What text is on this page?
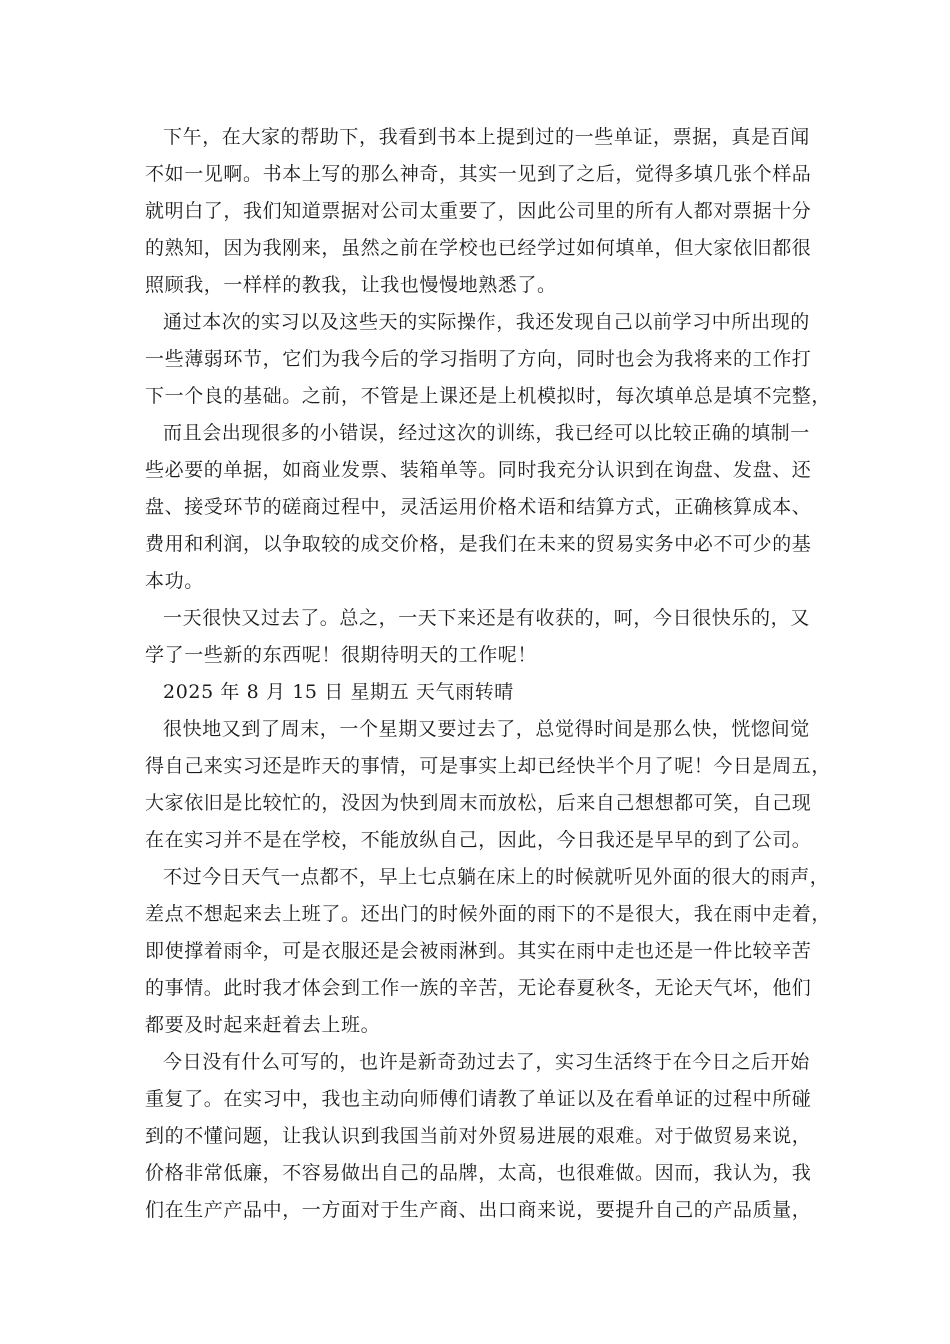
下午，在大家的帮助下，我看到书本上提到过的一些单证，票据，真是百闻
不如一见啊。书本上写的那么神奇，其实一见到了之后，觉得多填几张个样品
就明白了，我们知道票据对公司太重要了，因此公司里的所有人都对票据十分
的熟知，因为我刚来，虽然之前在学校也已经学过如何填单，但大家依旧都很
照顾我，一样样的教我，让我也慢慢地熟悉了。
通过本次的实习以及这些天的实际操作，我还发现自己以前学习中所出现的
一些薄弱环节，它们为我今后的学习指明了方向，同时也会为我将来的工作打
下一个良的基础。之前，不管是上课还是上机模拟时，每次填单总是填不完整，
而且会出现很多的小错误，经过这次的训练，我已经可以比较正确的填制一
些必要的单据，如商业发票、装箱单等。同时我充分认识到在询盘、发盘、还
盘、接受环节的磋商过程中，灵活运用价格术语和结算方式，正确核算成本、
费用和利润，以争取较的成交价格，是我们在未来的贸易实务中必不可少的基
本功。
一天很快又过去了。总之，一天下来还是有收获的，呵，今日很快乐的，又
学了一些新的东西呢！很期待明天的工作呢！
2025 年 8 月 15 日 星期五 天气雨转晴
很快地又到了周末，一个星期又要过去了，总觉得时间是那么快，恍惚间觉
得自己来实习还是昨天的事情，可是事实上却已经快半个月了呢！今日是周五，
大家依旧是比较忙的，没因为快到周末而放松，后来自己想想都可笑，自己现
在在实习并不是在学校，不能放纵自己，因此，今日我还是早早的到了公司。
不过今日天气一点都不，早上七点躺在床上的时候就听见外面的很大的雨声，
差点不想起来去上班了。还出门的时候外面的雨下的不是很大，我在雨中走着，
即使撑着雨伞，可是衣服还是会被雨淋到。其实在雨中走也还是一件比较辛苦
的事情。此时我才体会到工作一族的辛苦，无论春夏秋冬，无论天气坏，他们
都要及时起来赶着去上班。
今日没有什么可写的，也许是新奇劲过去了，实习生活终于在今日之后开始
重复了。在实习中，我也主动向师傅们请教了单证以及在看单证的过程中所碰
到的不懂问题，让我认识到我国当前对外贸易进展的艰难。对于做贸易来说，
价格非常低廉，不容易做出自己的品牌，太高，也很难做。因而，我认为，我
们在生产产品中，一方面对于生产商、出口商来说，要提升自己的产品质量，
